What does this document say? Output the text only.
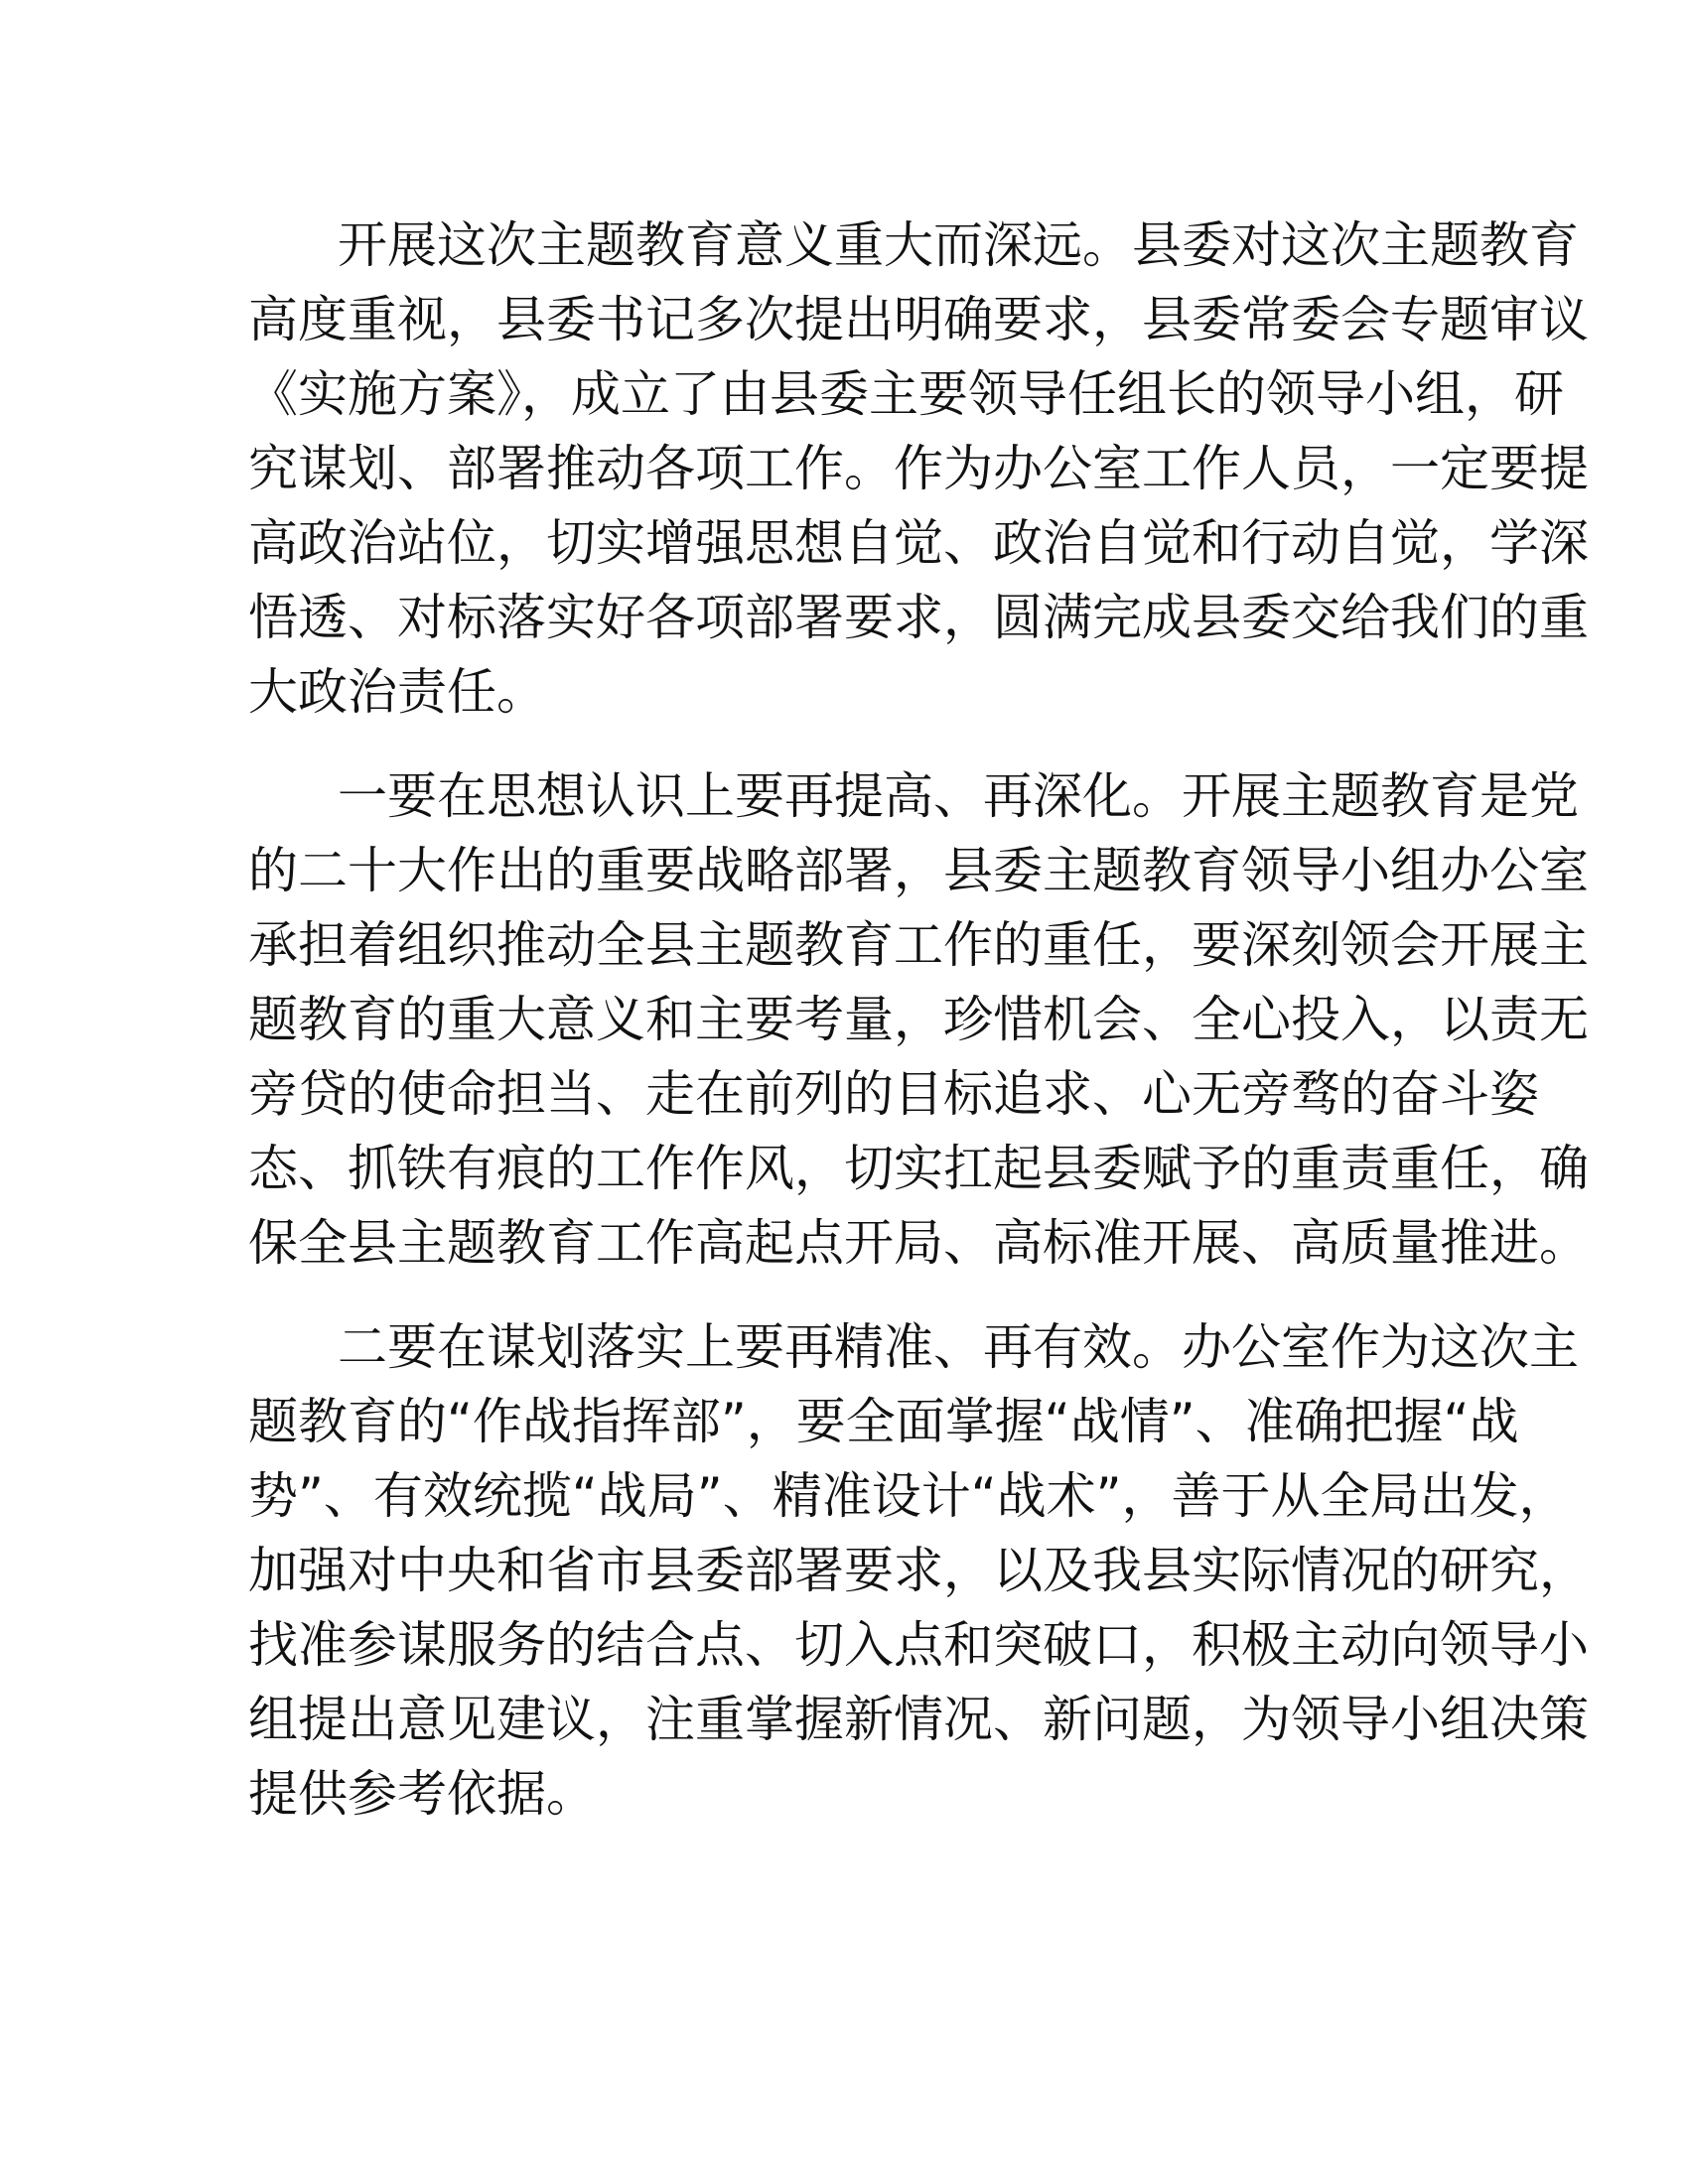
开展这次主题教育意义重大而深远。县委对这次主题教育
高度重视，县委书记多次提出明确要求，县委常委会专题审议
《实施方案》，成立了由县委主要领导任组长的领导小组，研
究谋划、部署推动各项工作。作为办公室工作人员，一定要提
高政治站位，切实增强思想自觉、政治自觉和行动自觉，学深
悟透、对标落实好各项部署要求，圆满完成县委交给我们的重
大政治责任。
一要在思想认识上要再提高、再深化。开展主题教育是党
的二十大作出的重要战略部署，县委主题教育领导小组办公室
承担着组织推动全县主题教育工作的重任，要深刻领会开展主
题教育的重大意义和主要考量，珍惜机会、全心投入，以责无
旁贷的使命担当、走在前列的目标追求、心无旁骛的奋斗姿
态、抓铁有痕的工作作风，切实扛起县委赋予的重责重任，确
保全县主题教育工作高起点开局、高标准开展、高质量推进。
二要在谋划落实上要再精准、再有效。办公室作为这次主
题教育的“作战指挥部”，要全面掌握“战情”、准确把握“战
势”、有效统揽“战局”、精准设计“战术”，善于从全局出发，
加强对中央和省市县委部署要求，以及我县实际情况的研究，
找准参谋服务的结合点、切入点和突破口，积极主动向领导小
组提出意见建议，注重掌握新情况、新问题，为领导小组决策
提供参考依据。
